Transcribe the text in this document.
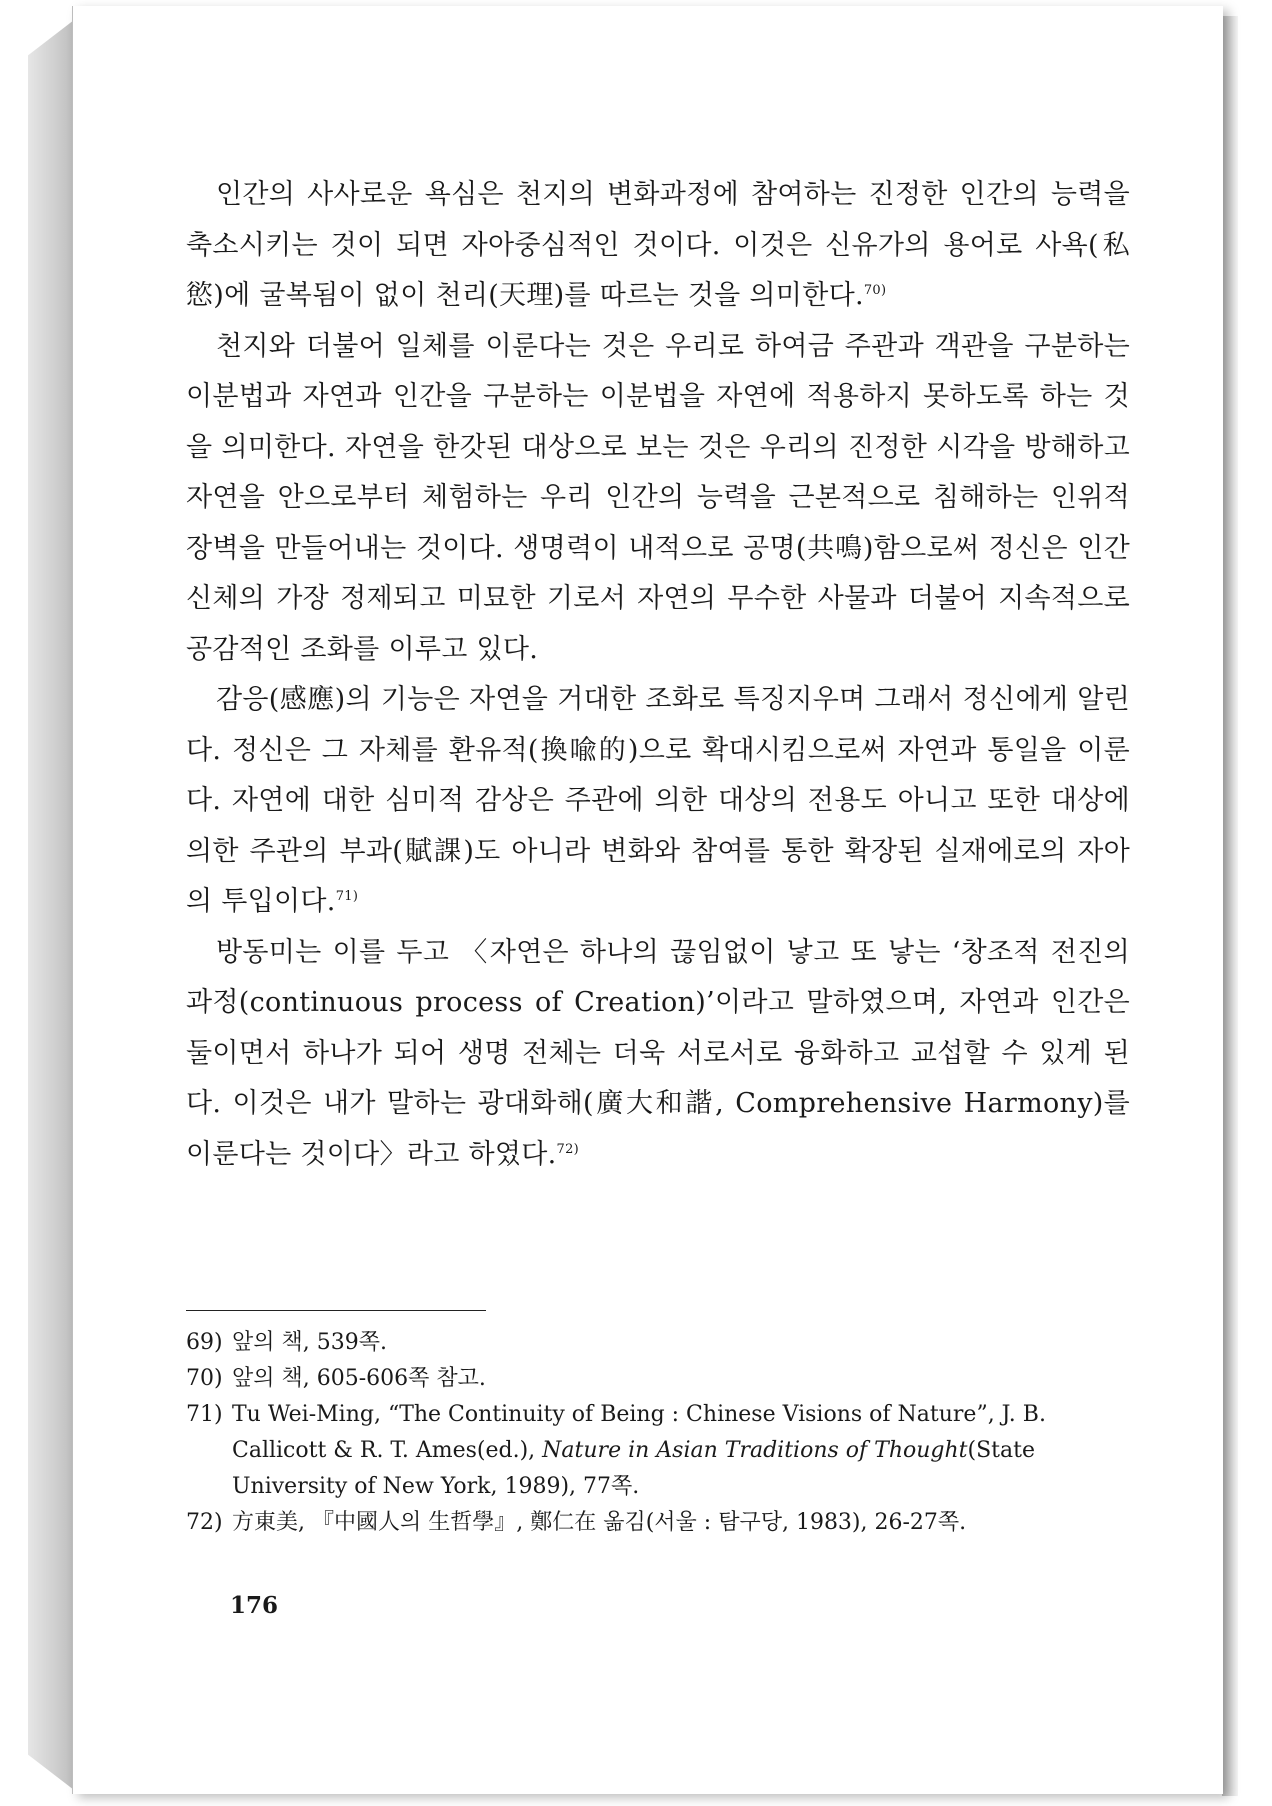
인간의 사사로운 욕심은 천지의 변화과정에 참여하는 진정한 인간의 능력을 축소시키는 것이 되면 자아중심적인 것이다. 이것은 신유가의 용어로 사욕(私慾)에 굴복됨이 없이 천리(天理)를 따르는 것을 의미한다.$^{70)}$

천지와 더불어 일체를 이룬다는 것은 우리로 하여금 주관과 객관을 구분하는 이분법과 자연과 인간을 구분하는 이분법을 자연에 적용하지 못하도록 하는 것을 의미한다. 자연을 한갓된 대상으로 보는 것은 우리의 진정한 시각을 방해하고 자연을 안으로부터 체험하는 우리 인간의 능력을 근본적으로 침해하는 인위적 장벽을 만들어내는 것이다. 생명력이 내적으로 공명(共鳴)함으로써 정신은 인간 신체의 가장 정제되고 미묘한 기로서 자연의 무수한 사물과 더불어 지속적으로 공감적인 조화를 이루고 있다.

감응(感應)의 기능은 자연을 거대한 조화로 특징지우며 그래서 정신에게 알린다. 정신은 그 자체를 환유적(換喩的)으로 확대시킴으로써 자연과 통일을 이룬다. 자연에 대한 심미적 감상은 주관에 의한 대상의 전용도 아니고 또한 대상에 의한 주관의 부과(賦課)도 아니라 변화와 참여를 통한 확장된 실재에로의 자아의 투입이다.$^{71)}$

방동미는 이를 두고 〈자연은 하나의 끊임없이 낳고 또 낳는 ‘창조적 전진의 과정(continuous process of Creation)’이라고 말하였으며, 자연과 인간은 둘이면서 하나가 되어 생명 전체는 더욱 서로서로 융화하고 교섭할 수 있게 된다. 이것은 내가 말하는 광대화해(廣大和諧, Comprehensive Harmony)를 이룬다는 것이다〉라고 하였다.$^{72)}$

69) 앞의 책, 539쪽.
70) 앞의 책, 605-606쪽 참고.
71) Tu Wei-Ming, “The Continuity of Being : Chinese Visions of Nature”, J. B. Callicott & R. T. Ames(ed.), Nature in Asian Traditions of Thought(State University of New York, 1989), 77쪽.
72) 方東美, 『中國人의 生哲學』, 鄭仁在 옮김(서울 : 탐구당, 1983), 26-27쪽.
176
